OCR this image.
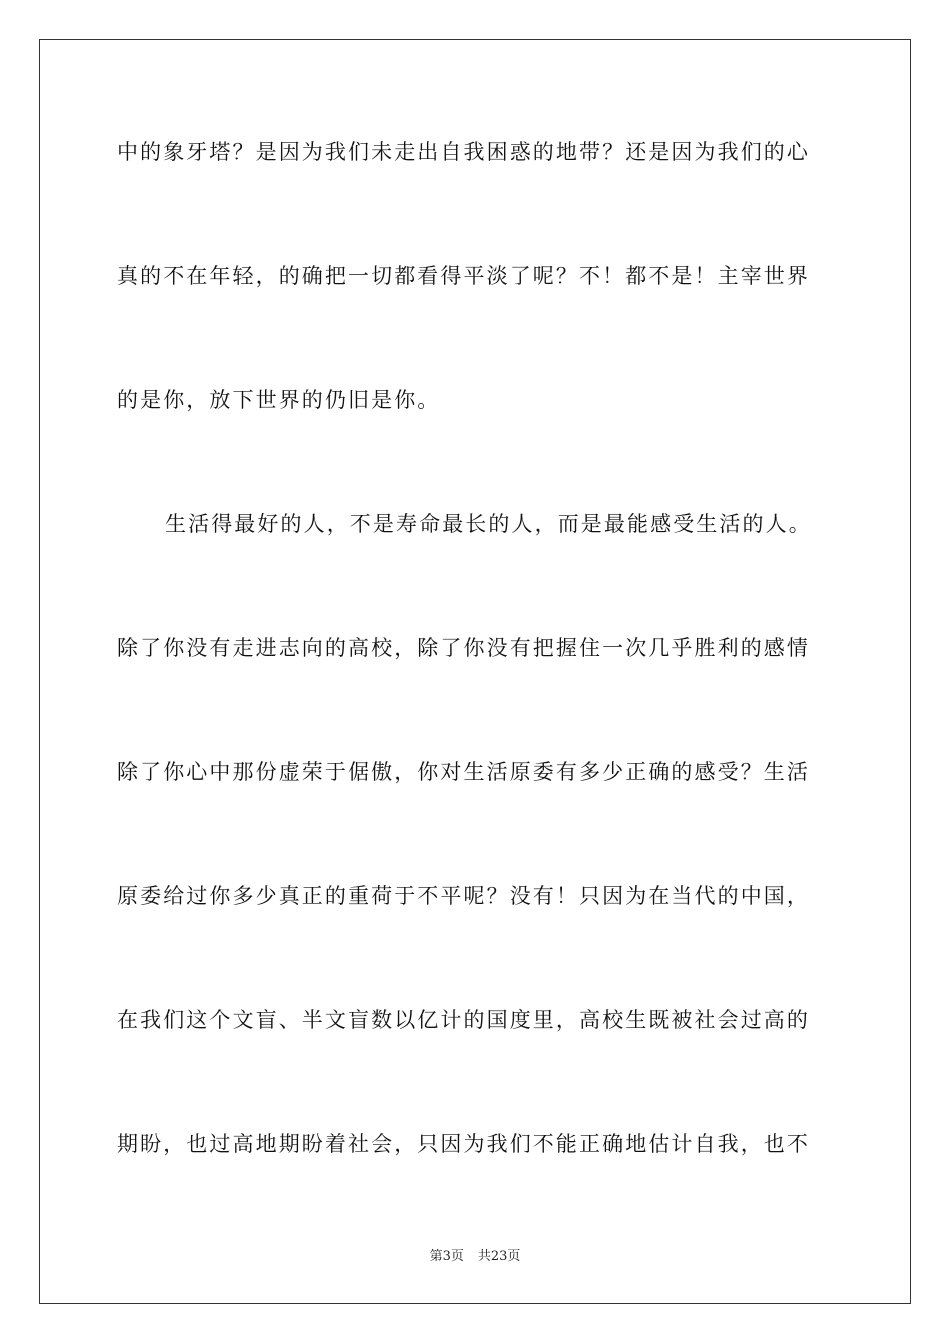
中的象牙塔？是因为我们未走出自我困惑的地带？还是因为我们的心
真的不在年轻，的确把一切都看得平淡了呢？不！都不是！主宰世界
的是你，放下世界的仍旧是你。
生活得最好的人，不是寿命最长的人，而是最能感受生活的人。
除了你没有走进志向的高校，除了你没有把握住一次几乎胜利的感情
除了你心中那份虚荣于倨傲，你对生活原委有多少正确的感受？生活
原委给过你多少真正的重荷于不平呢？没有！只因为在当代的中国，
在我们这个文盲、半文盲数以亿计的国度里，高校生既被社会过高的
期盼，也过高地期盼着社会，只因为我们不能正确地估计自我，也不
第3页 共23页
